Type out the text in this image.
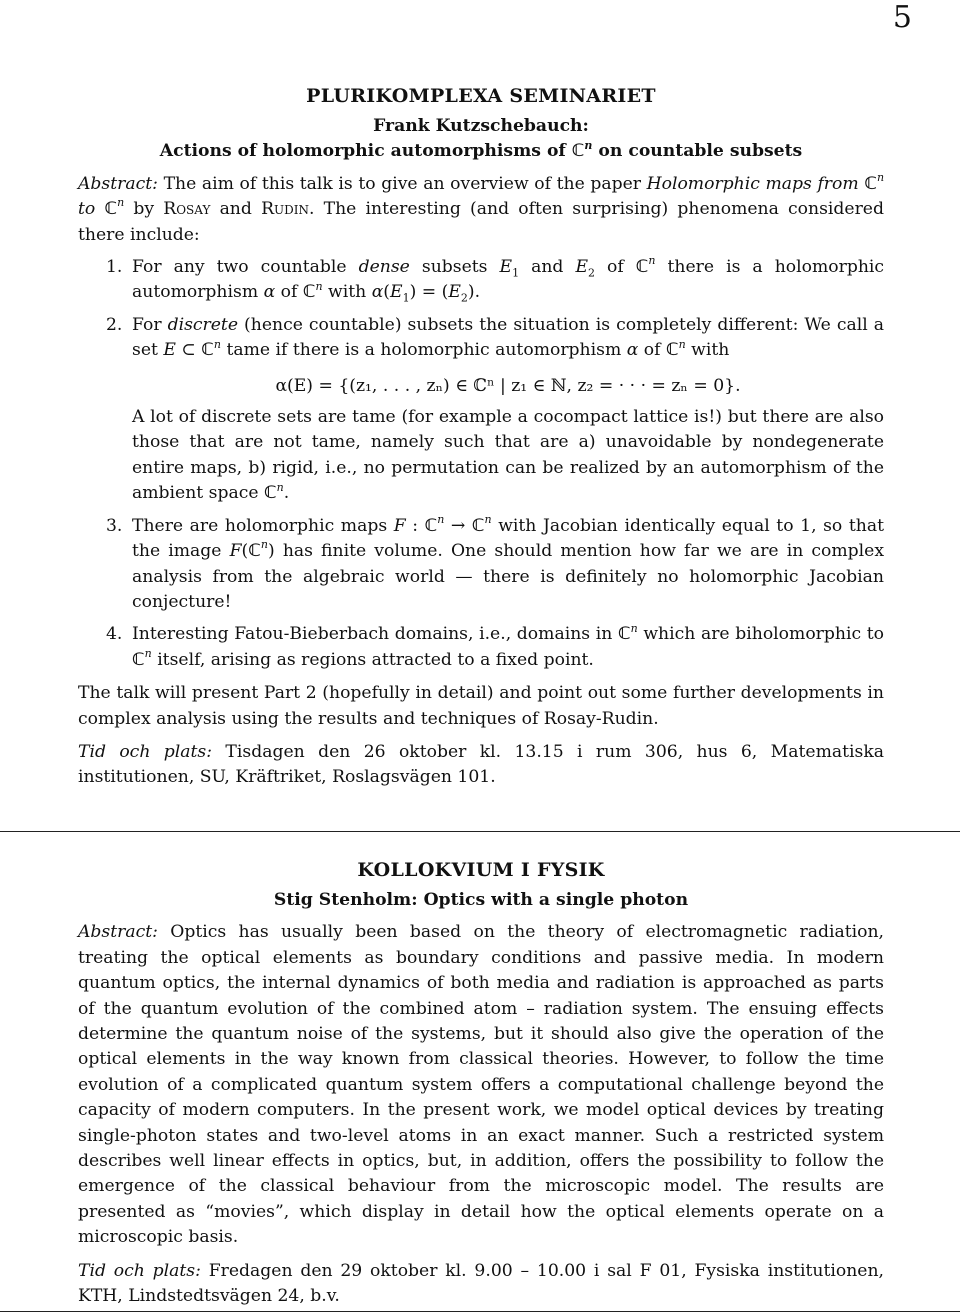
5
PLURIKOMPLEXA SEMINARIET
Frank Kutzschebauch:
Actions of holomorphic automorphisms of ℂ$^n$ on countable subsets

Abstract: The aim of this talk is to give an overview of the paper Holomorphic maps from ℂ$^n$ to ℂ$^n$ by Rosay and Rudin. The interesting (and often surprising) phenomena considered there include:

1. For any two countable dense subsets $E_1$ and $E_2$ of ℂ$^n$ there is a holomorphic automorphism α of ℂ$^n$ with $\alpha(E_1) = (E_2)$.
2. For discrete (hence countable) subsets the situation is completely different: We call a set E ⊂ ℂ$^n$ tame if there is a holomorphic automorphism α of ℂ$^n$ with
α(E) = {(z₁, . . . , zₙ) ∈ ℂⁿ | z₁ ∈ ℕ, z₂ = · · · = zₙ = 0}.
A lot of discrete sets are tame (for example a cocompact lattice is!) but there are also those that are not tame, namely such that are a) unavoidable by nondegenerate entire maps, b) rigid, i.e., no permutation can be realized by an automorphism of the ambient space ℂ$^n$.
3. There are holomorphic maps F : ℂ$^n$ → ℂ$^n$ with Jacobian identically equal to 1, so that the image F(ℂ$^n$) has finite volume. One should mention how far we are in complex analysis from the algebraic world — there is definitely no holomorphic Jacobian conjecture!
4. Interesting Fatou-Bieberbach domains, i.e., domains in ℂ$^n$ which are biholomorphic to ℂ$^n$ itself, arising as regions attracted to a fixed point.

The talk will present Part 2 (hopefully in detail) and point out some further developments in complex analysis using the results and techniques of Rosay-Rudin.

Tid och plats: Tisdagen den 26 oktober kl. 13.15 i rum 306, hus 6, Matematiska institutionen, SU, Kräftriket, Roslagsvägen 101.

KOLLOKVIUM I FYSIK
Stig Stenholm: Optics with a single photon

Abstract: Optics has usually been based on the theory of electromagnetic radiation, treating the optical elements as boundary conditions and passive media. In modern quantum optics, the internal dynamics of both media and radiation is approached as parts of the quantum evolution of the combined atom – radiation system. The ensuing effects determine the quantum noise of the systems, but it should also give the operation of the optical elements in the way known from classical theories. However, to follow the time evolution of a complicated quantum system offers a computational challenge beyond the capacity of modern computers. In the present work, we model optical devices by treating single-photon states and two-level atoms in an exact manner. Such a restricted system describes well linear effects in optics, but, in addition, offers the possibility to follow the emergence of the classical behaviour from the microscopic model. The results are presented as “movies”, which display in detail how the optical elements operate on a microscopic basis.

Tid och plats: Fredagen den 29 oktober kl. 9.00 – 10.00 i sal F 01, Fysiska institutionen, KTH, Lindstedtsvägen 24, b.v.
